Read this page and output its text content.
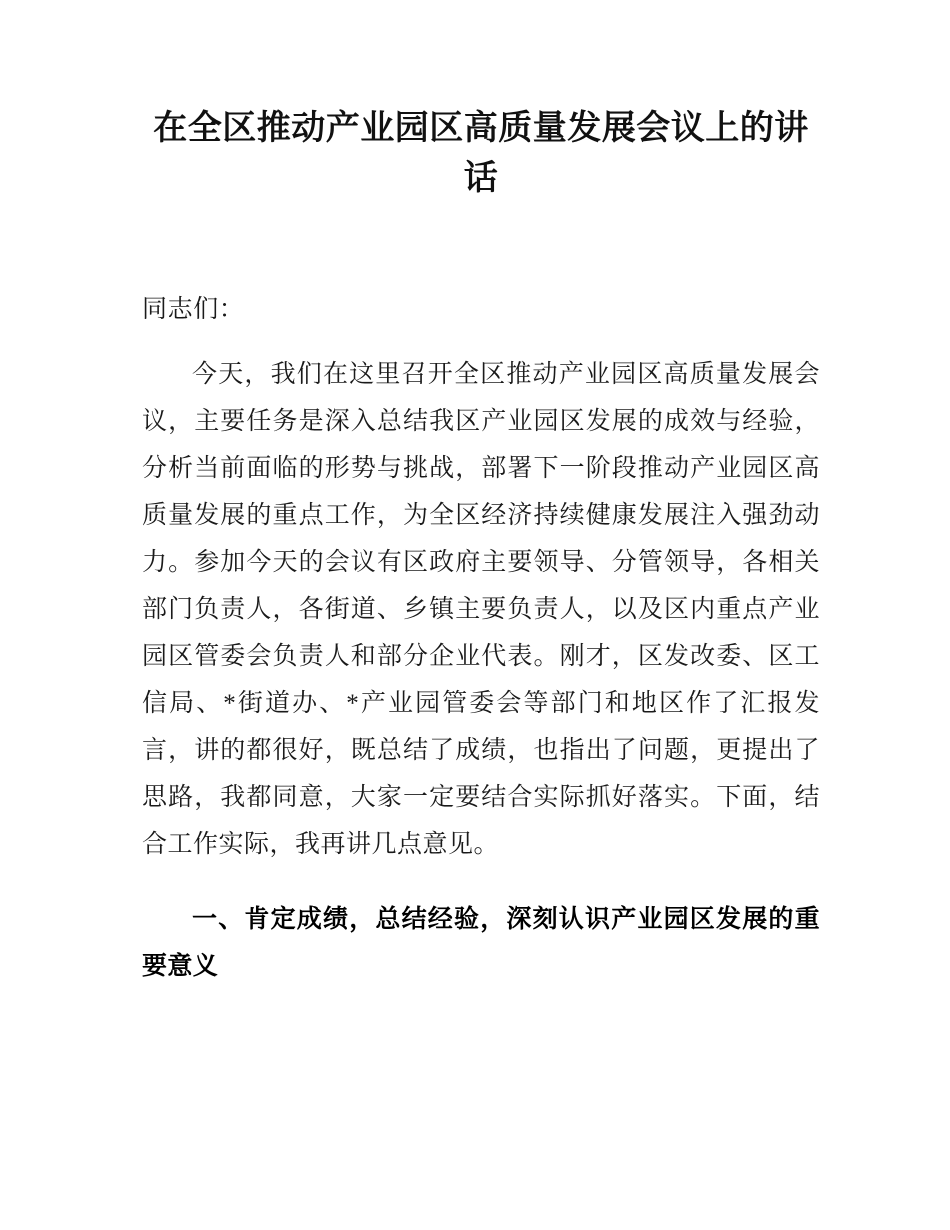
在全区推动产业园区高质量发展会议上的讲话

同志们：

今天，我们在这里召开全区推动产业园区高质量发展会议，主要任务是深入总结我区产业园区发展的成效与经验，分析当前面临的形势与挑战，部署下一阶段推动产业园区高质量发展的重点工作，为全区经济持续健康发展注入强劲动力。参加今天的会议有区政府主要领导、分管领导，各相关部门负责人，各街道、乡镇主要负责人，以及区内重点产业园区管委会负责人和部分企业代表。刚才，区发改委、区工信局、*街道办、*产业园管委会等部门和地区作了汇报发言，讲的都很好，既总结了成绩，也指出了问题，更提出了思路，我都同意，大家一定要结合实际抓好落实。下面，结合工作实际，我再讲几点意见。

一、肯定成绩，总结经验，深刻认识产业园区发展的重要意义
